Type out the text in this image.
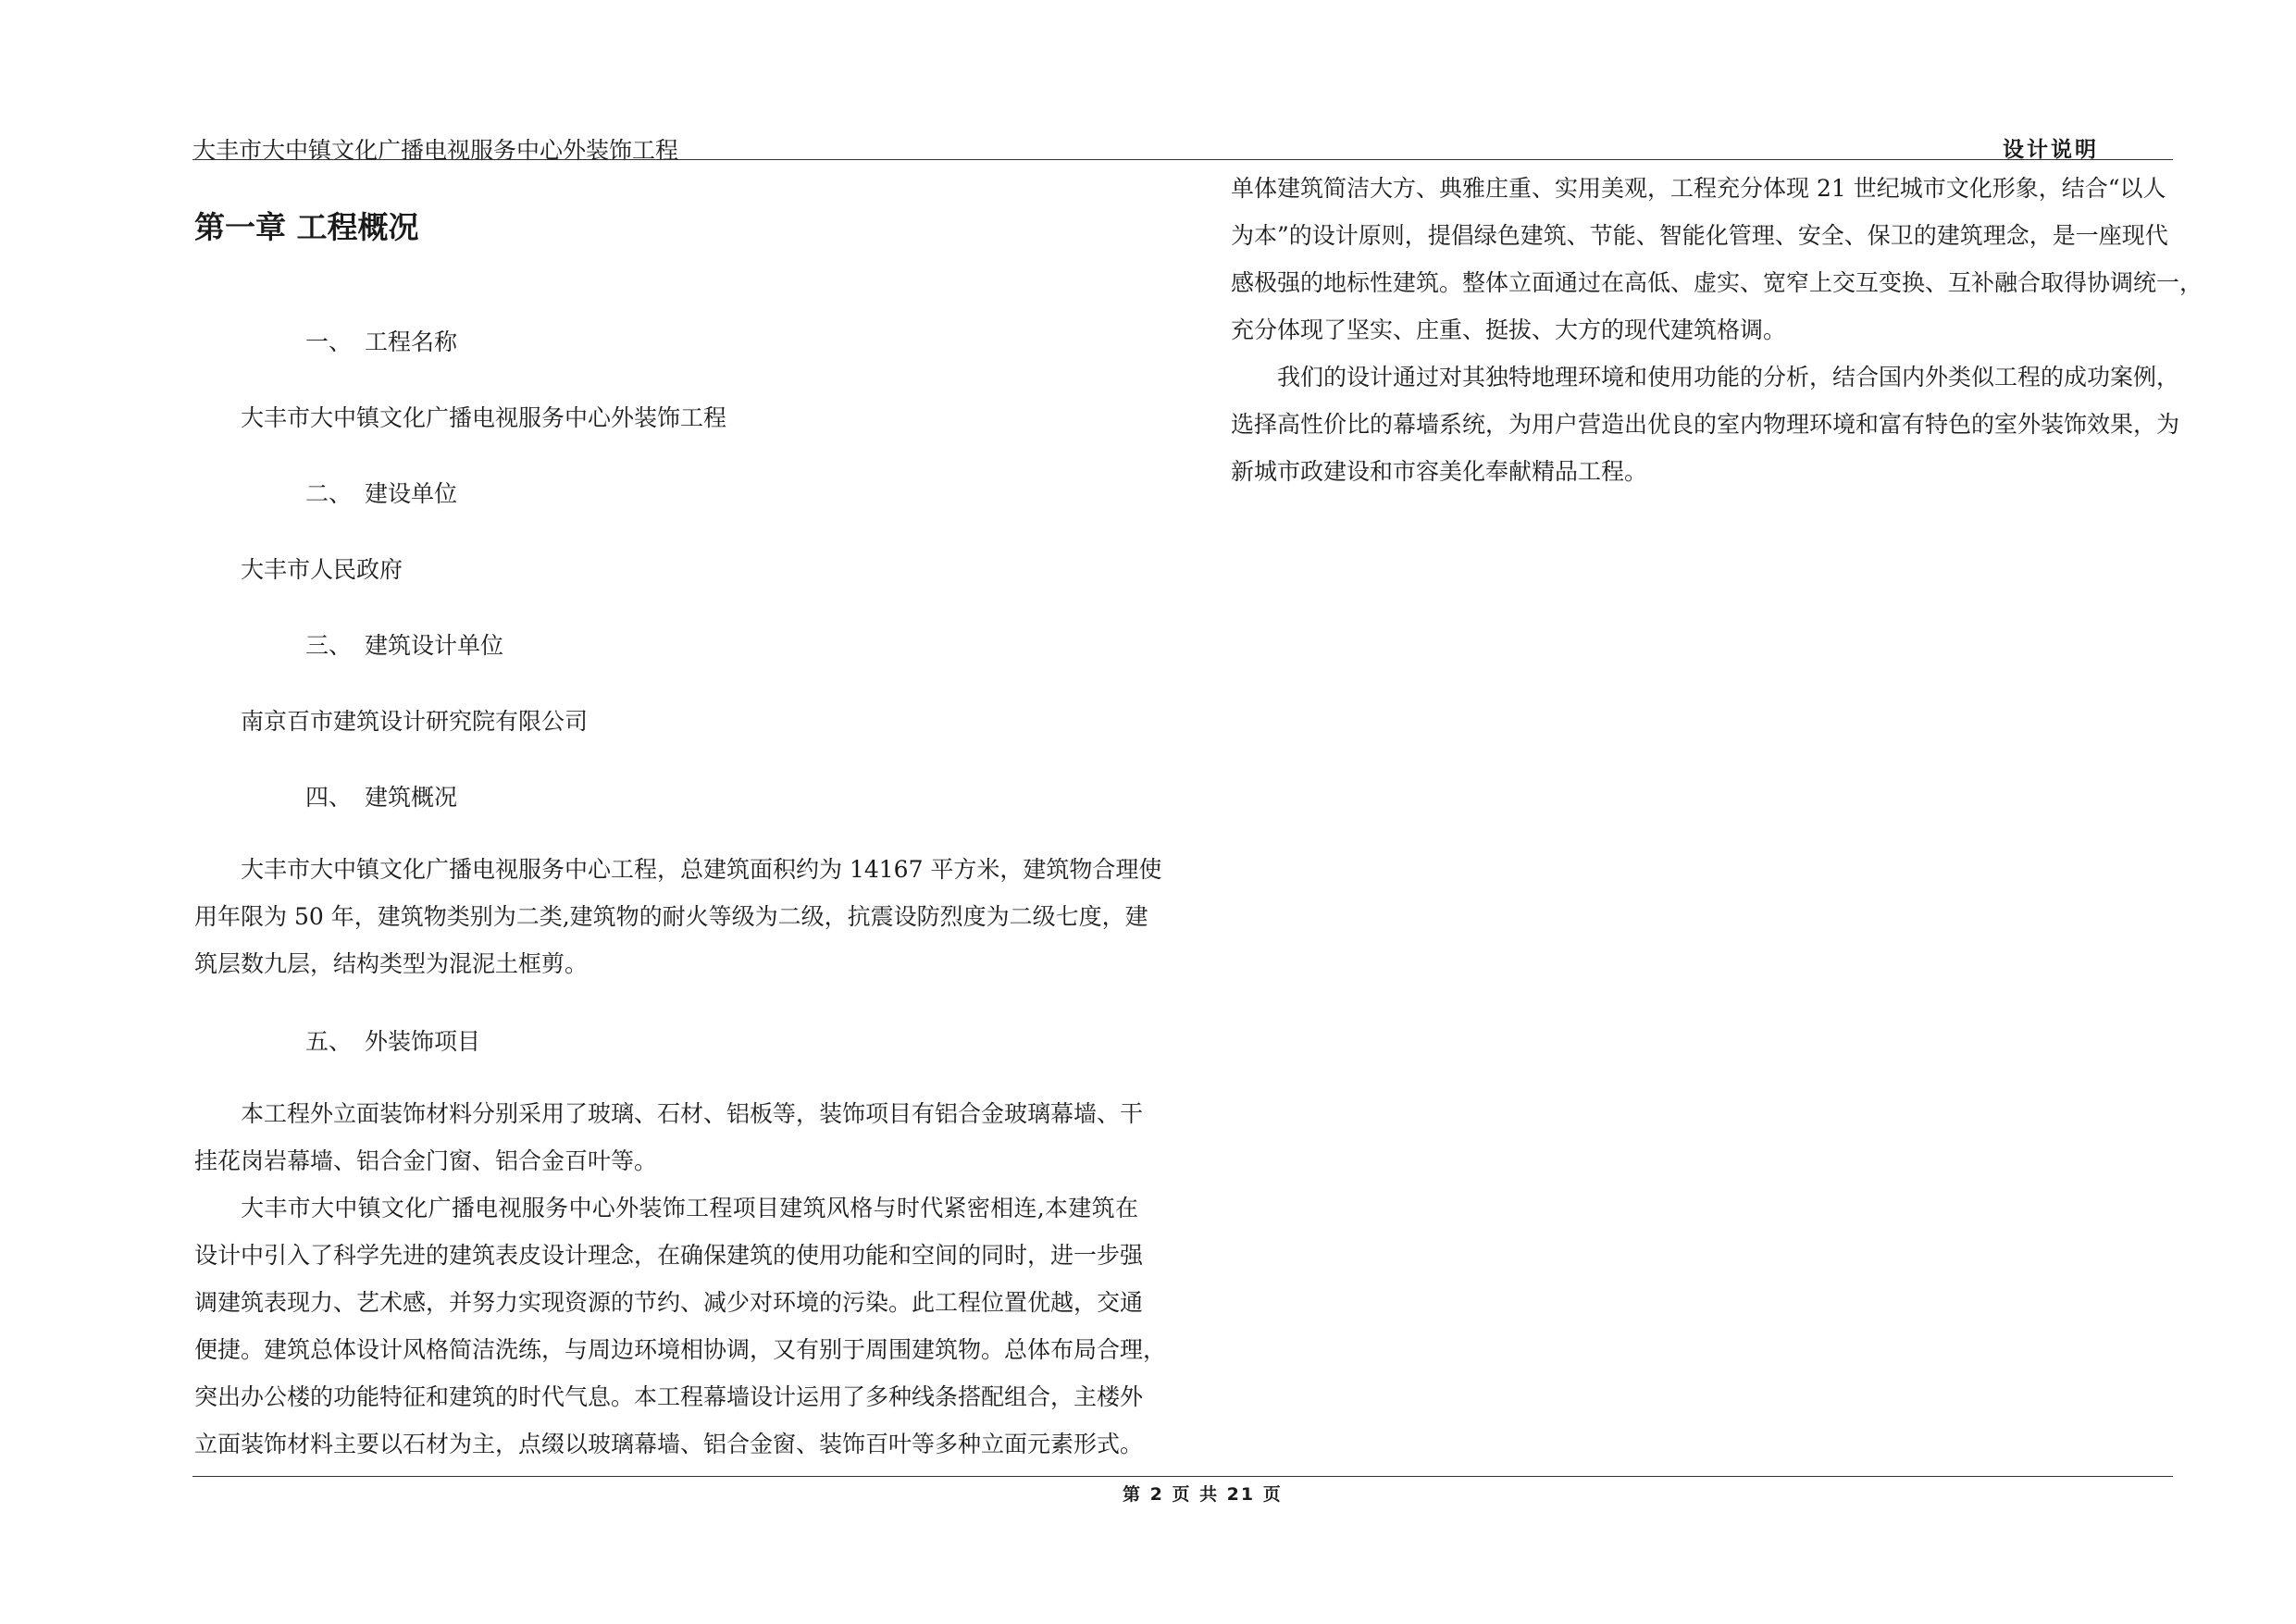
大丰市大中镇文化广播电视服务中心外装饰工程	设计说明
第一章 工程概况
一、 工程名称
大丰市大中镇文化广播电视服务中心外装饰工程
二、 建设单位
大丰市人民政府
三、 建筑设计单位
南京百市建筑设计研究院有限公司
四、 建筑概况
大丰市大中镇文化广播电视服务中心工程，总建筑面积约为 14167 平方米，建筑物合理使
用年限为 50 年，建筑物类别为二类,建筑物的耐火等级为二级，抗震设防烈度为二级七度，建
筑层数九层，结构类型为混泥土框剪。
五、 外装饰项目
本工程外立面装饰材料分别采用了玻璃、石材、铝板等，装饰项目有铝合金玻璃幕墙、干
挂花岗岩幕墙、铝合金门窗、铝合金百叶等。
大丰市大中镇文化广播电视服务中心外装饰工程项目建筑风格与时代紧密相连,本建筑在
设计中引入了科学先进的建筑表皮设计理念，在确保建筑的使用功能和空间的同时，进一步强
调建筑表现力、艺术感，并努力实现资源的节约、减少对环境的污染。此工程位置优越，交通
便捷。建筑总体设计风格简洁洗练，与周边环境相协调，又有别于周围建筑物。总体布局合理，
突出办公楼的功能特征和建筑的时代气息。本工程幕墙设计运用了多种线条搭配组合，主楼外
立面装饰材料主要以石材为主，点缀以玻璃幕墙、铝合金窗、装饰百叶等多种立面元素形式。
单体建筑简洁大方、典雅庄重、实用美观，工程充分体现 21 世纪城市文化形象，结合“以人
为本”的设计原则，提倡绿色建筑、节能、智能化管理、安全、保卫的建筑理念，是一座现代
感极强的地标性建筑。整体立面通过在高低、虚实、宽窄上交互变换、互补融合取得协调统一，
充分体现了坚实、庄重、挺拔、大方的现代建筑格调。
我们的设计通过对其独特地理环境和使用功能的分析，结合国内外类似工程的成功案例，
选择高性价比的幕墙系统，为用户营造出优良的室内物理环境和富有特色的室外装饰效果，为
新城市政建设和市容美化奉献精品工程。
第 2 页 共 21 页
